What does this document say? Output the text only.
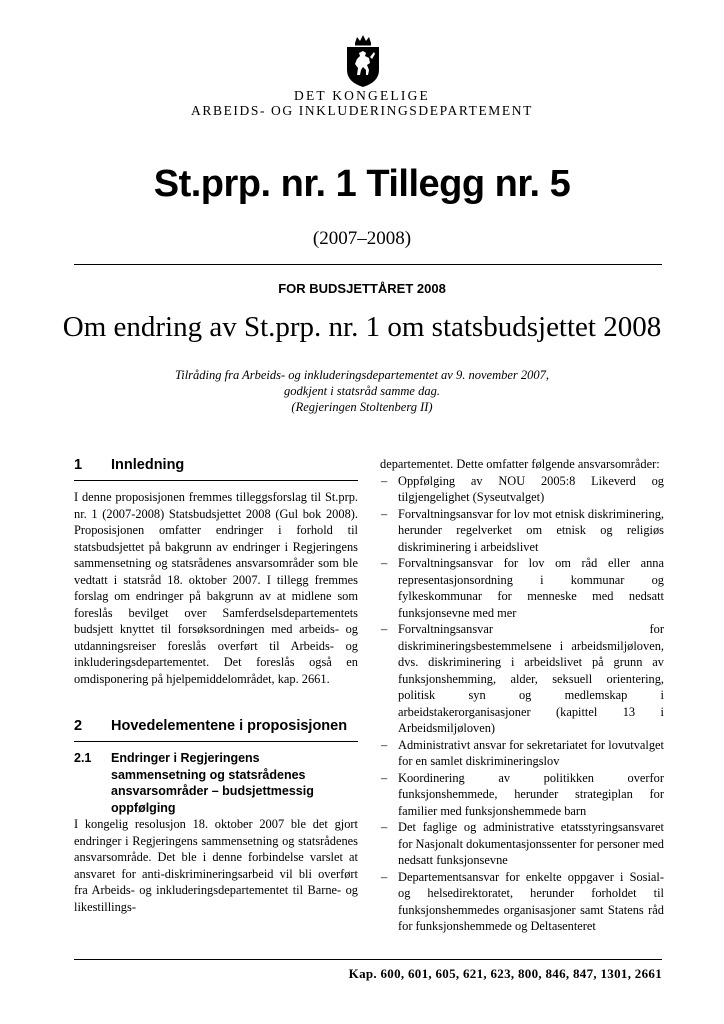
DET KONGELIGE
ARBEIDS- OG INKLUDERINGSDEPARTEMENT
St.prp. nr. 1 Tillegg nr. 5
(2007–2008)
FOR BUDSJETTÅRET 2008
Om endring av St.prp. nr. 1 om statsbudsjettet 2008
Tilråding fra Arbeids- og inkluderingsdepartementet av 9. november 2007,
godkjent i statsråd samme dag.
(Regjeringen Stoltenberg II)
1	Innledning

I denne proposisjonen fremmes tilleggsforslag til St.prp. nr. 1 (2007-2008) Statsbudsjettet 2008 (Gul bok 2008). Proposisjonen omfatter endringer i forhold til statsbudsjettet på bakgrunn av endringer i Regjeringens sammensetning og statsrådenes ansvarsområder som ble vedtatt i statsråd 18. oktober 2007. I tillegg fremmes forslag om endringer på bakgrunn av at midlene som foreslås bevilget over Samferdselsdepartementets budsjett knyttet til forsøksordningen med arbeids- og utdanningsreiser foreslås overført til Arbeids- og inkluderingsdepartementet. Det foreslås også en omdisponering på hjelpemiddelområdet, kap. 2661.

2	Hovedelementene i proposisjonen
2.1	Endringer i Regjeringens sammensetning og statsrådenes ansvarsområder – budsjettmessig oppfølging

I kongelig resolusjon 18. oktober 2007 ble det gjort endringer i Regjeringens sammensetning og statsrådenes ansvarsområde. Det ble i denne forbindelse varslet at ansvaret for anti-diskrimineringsarbeid vil bli overført fra Arbeids- og inkluderingsdepartementet til Barne- og likestillings-

departementet. Dette omfatter følgende ansvarsområder:

– Oppfølging av NOU 2005:8 Likeverd og tilgjengelighet (Syseutvalget)
– Forvaltningsansvar for lov mot etnisk diskriminering, herunder regelverket om etnisk og religiøs diskriminering i arbeidslivet
– Forvaltningsansvar for lov om råd eller anna representasjonsordning i kommunar og fylkeskommunar for menneske med nedsatt funksjonsevne med mer
– Forvaltningsansvar for diskrimineringsbestemmelsene i arbeidsmiljøloven, dvs. diskriminering i arbeidslivet på grunn av funksjonshemming, alder, seksuell orientering, politisk syn og medlemskap i arbeidstakerorganisasjoner (kapittel 13 i Arbeidsmiljøloven)
– Administrativt ansvar for sekretariatet for lovutvalget for en samlet diskrimineringslov
– Koordinering av politikken overfor funksjonshemmede, herunder strategiplan for familier med funksjonshemmede barn
– Det faglige og administrative etatsstyringsansvaret for Nasjonalt dokumentasjonssenter for personer med nedsatt funksjonsevne
– Departementsansvar for enkelte oppgaver i Sosial- og helsedirektoratet, herunder forholdet til funksjonshemmedes organisasjoner samt Statens råd for funksjonshemmede og Deltasenteret
Kap. 600, 601, 605, 621, 623, 800, 846, 847, 1301, 2661
